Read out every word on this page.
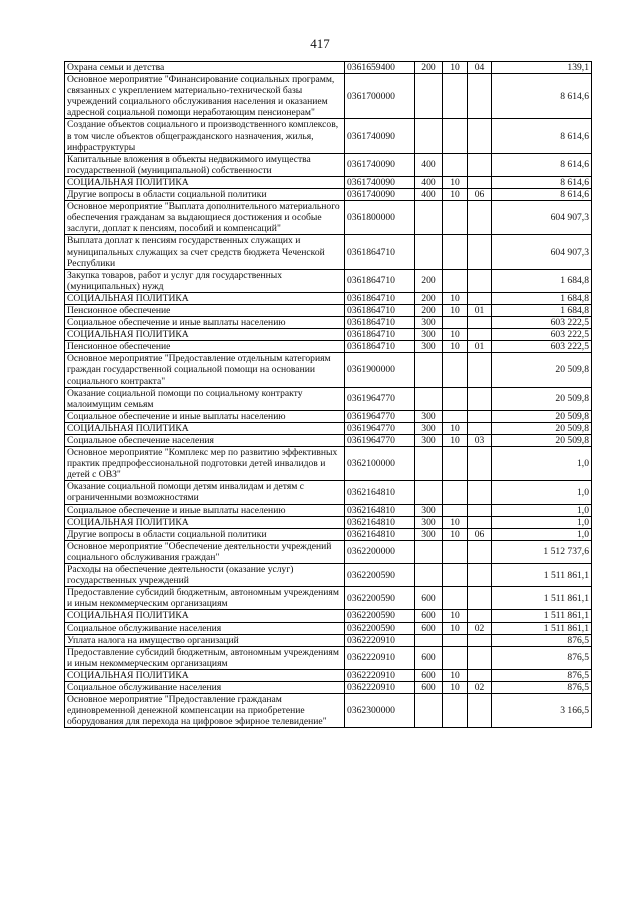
417
Охрана семьи и детства	0361659400	200	10	04	139,1
Основное мероприятие "Финансирование социальных программ, связанных с укреплением материально-технической базы учреждений социального обслуживания населения и оказанием адресной социальной помощи неработающим пенсионерам"	0361700000				8 614,6
Создание объектов социального и производственного комплексов, в том числе объектов общегражданского назначения, жилья, инфраструктуры	0361740090				8 614,6
Капитальные вложения в объекты недвижимого имущества государственной (муниципальной) собственности	0361740090	400			8 614,6
СОЦИАЛЬНАЯ ПОЛИТИКА	0361740090	400	10		8 614,6
Другие вопросы в области социальной политики	0361740090	400	10	06	8 614,6
Основное мероприятие "Выплата дополнительного материального обеспечения гражданам за выдающиеся достижения и особые заслуги, доплат к пенсиям, пособий и компенсаций"	0361800000				604 907,3
Выплата доплат к пенсиям государственных служащих и муниципальных служащих за счет средств бюджета Чеченской Республики	0361864710				604 907,3
Закупка товаров, работ и услуг для государственных (муниципальных) нужд	0361864710	200			1 684,8
СОЦИАЛЬНАЯ ПОЛИТИКА	0361864710	200	10		1 684,8
Пенсионное обеспечение	0361864710	200	10	01	1 684,8
Социальное обеспечение и иные выплаты населению	0361864710	300			603 222,5
СОЦИАЛЬНАЯ ПОЛИТИКА	0361864710	300	10		603 222,5
Пенсионное обеспечение	0361864710	300	10	01	603 222,5
Основное мероприятие "Предоставление отдельным категориям граждан государственной социальной помощи на основании социального контракта"	0361900000				20 509,8
Оказание социальной помощи по социальному контракту малоимущим семьям	0361964770				20 509,8
Социальное обеспечение и иные выплаты населению	0361964770	300			20 509,8
СОЦИАЛЬНАЯ ПОЛИТИКА	0361964770	300	10		20 509,8
Социальное обеспечение населения	0361964770	300	10	03	20 509,8
Основное мероприятие "Комплекс мер по развитию эффективных практик предпрофессиональной подготовки детей инвалидов и детей с ОВЗ"	0362100000				1,0
Оказание социальной помощи детям инвалидам и детям с ограниченными возможностями	0362164810				1,0
Социальное обеспечение и иные выплаты населению	0362164810	300			1,0
СОЦИАЛЬНАЯ ПОЛИТИКА	0362164810	300	10		1,0
Другие вопросы в области социальной политики	0362164810	300	10	06	1,0
Основное мероприятие "Обеспечение деятельности учреждений социального обслуживания граждан"	0362200000				1 512 737,6
Расходы на обеспечение деятельности (оказание услуг) государственных учреждений	0362200590				1 511 861,1
Предоставление субсидий бюджетным, автономным учреждениям и иным некоммерческим организациям	0362200590	600			1 511 861,1
СОЦИАЛЬНАЯ ПОЛИТИКА	0362200590	600	10		1 511 861,1
Социальное обслуживание населения	0362200590	600	10	02	1 511 861,1
Уплата налога на имущество организаций	0362220910				876,5
Предоставление субсидий бюджетным, автономным учреждениям и иным некоммерческим организациям	0362220910	600			876,5
СОЦИАЛЬНАЯ ПОЛИТИКА	0362220910	600	10		876,5
Социальное обслуживание населения	0362220910	600	10	02	876,5
Основное мероприятие "Предоставление гражданам единовременной денежной компенсации на приобретение оборудования для перехода на цифровое эфирное телевидение"	0362300000				3 166,5
